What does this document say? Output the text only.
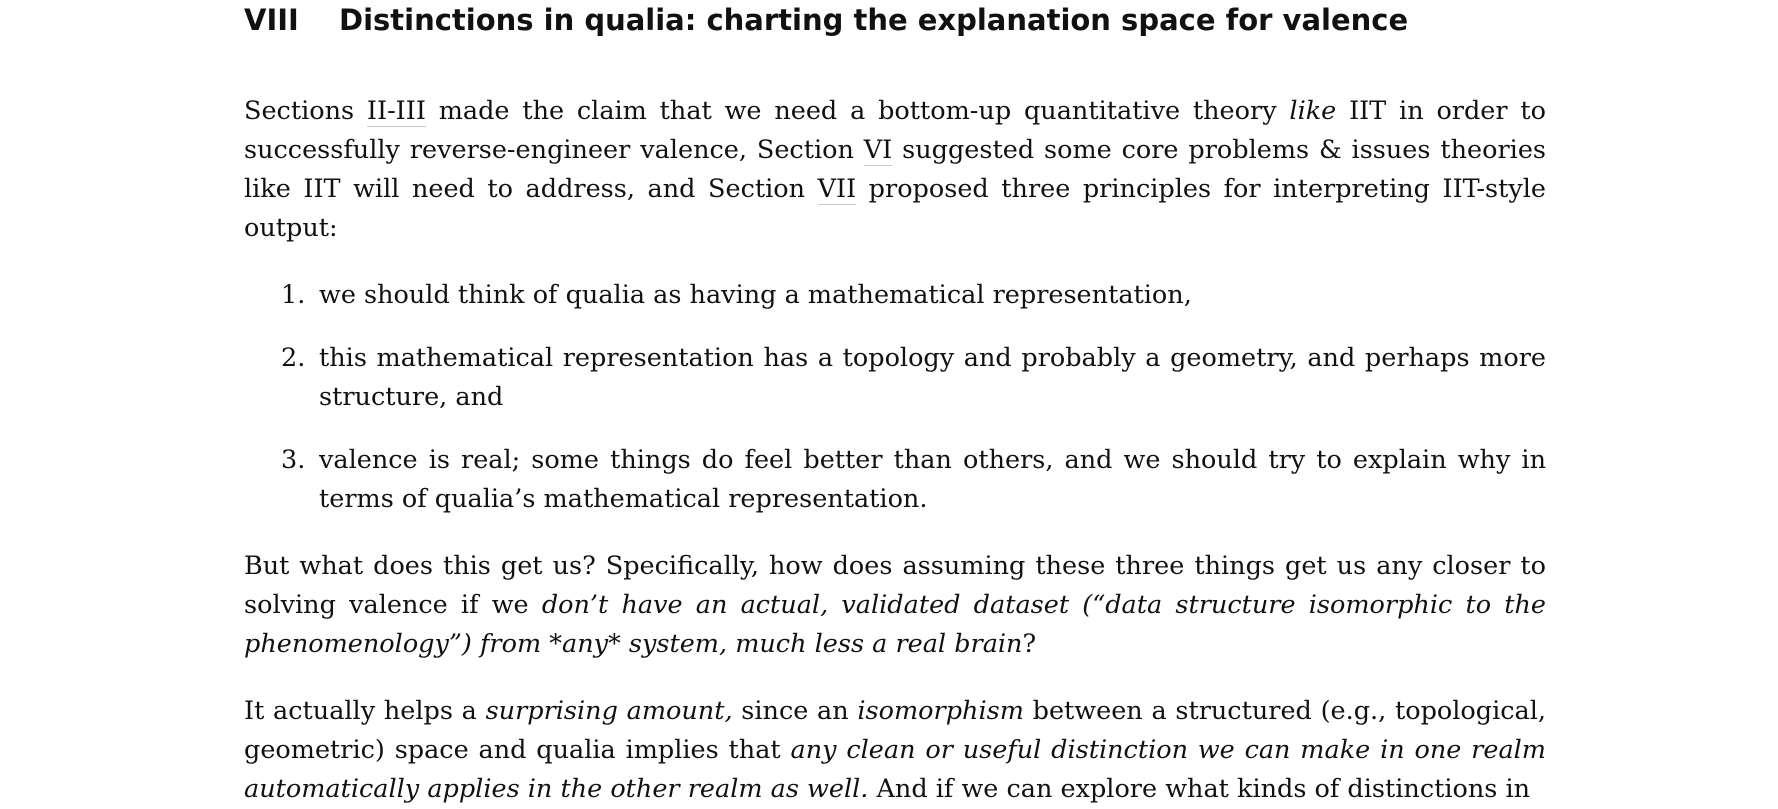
VIII Distinctions in qualia: charting the explanation space for valence

Sections II-III made the claim that we need a bottom-up quantitative theory like IIT in order to successfully reverse-engineer valence, Section VI suggested some core problems & issues theories like IIT will need to address, and Section VII proposed three principles for interpreting IIT-style output:

1. we should think of qualia as having a mathematical representation,
2. this mathematical representation has a topology and probably a geometry, and perhaps more structure, and
3. valence is real; some things do feel better than others, and we should try to explain why in terms of qualia’s mathematical representation.

But what does this get us? Specifically, how does assuming these three things get us any closer to solving valence if we don’t have an actual, validated dataset (“data structure isomorphic to the phenomenology”) from *any* system, much less a real brain?

It actually helps a surprising amount, since an isomorphism between a structured (e.g., topological, geometric) space and qualia implies that any clean or useful distinction we can make in one realm automatically applies in the other realm as well. And if we can explore what kinds of distinctions in
